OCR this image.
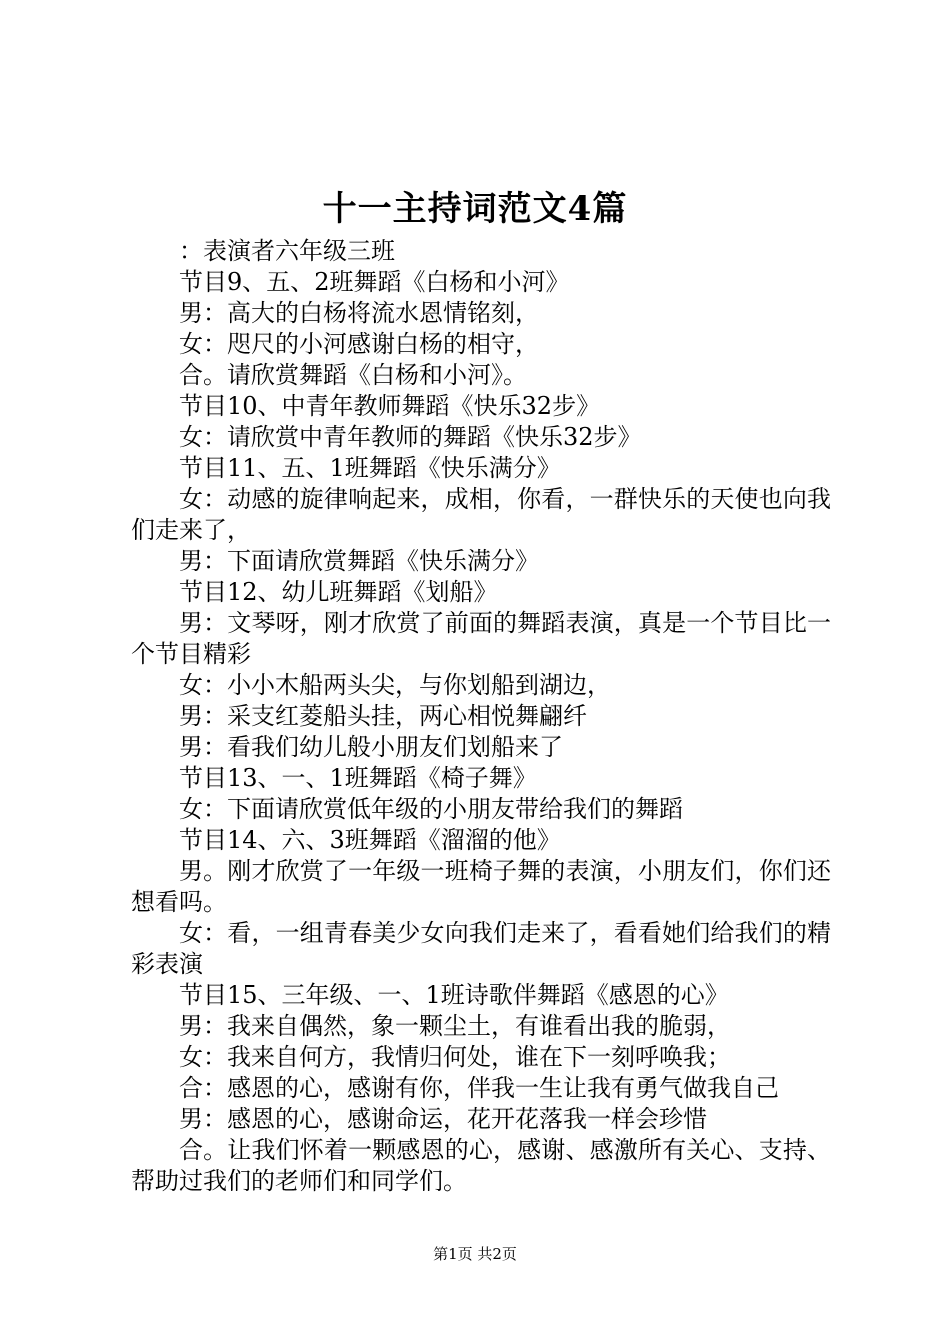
十一主持词范文4篇

：表演者六年级三班

节目9、五、2班舞蹈《白杨和小河》

男：高大的白杨将流水恩情铭刻，

女：咫尺的小河感谢白杨的相守，

合。请欣赏舞蹈《白杨和小河》。

节目10、中青年教师舞蹈《快乐32步》

女：请欣赏中青年教师的舞蹈《快乐32步》

节目11、五、1班舞蹈《快乐满分》

女：动感的旋律响起来，成相，你看，一群快乐的天使也向我们走来了，

男：下面请欣赏舞蹈《快乐满分》

节目12、幼儿班舞蹈《划船》

男：文琴呀，刚才欣赏了前面的舞蹈表演，真是一个节目比一个节目精彩

女：小小木船两头尖，与你划船到湖边，

男：采支红菱船头挂，两心相悦舞翩纤

男：看我们幼儿般小朋友们划船来了

节目13、一、1班舞蹈《椅子舞》

女：下面请欣赏低年级的小朋友带给我们的舞蹈

节目14、六、3班舞蹈《溜溜的他》

男。刚才欣赏了一年级一班椅子舞的表演，小朋友们，你们还想看吗。

女：看，一组青春美少女向我们走来了，看看她们给我们的精彩表演

节目15、三年级、一、1班诗歌伴舞蹈《感恩的心》

男：我来自偶然，象一颗尘土，有谁看出我的脆弱，

女：我来自何方，我情归何处，谁在下一刻呼唤我；

合：感恩的心，感谢有你，伴我一生让我有勇气做我自己

男：感恩的心，感谢命运，花开花落我一样会珍惜

合。让我们怀着一颗感恩的心，感谢、感激所有关心、支持、帮助过我们的老师们和同学们。

第1页 共2页
